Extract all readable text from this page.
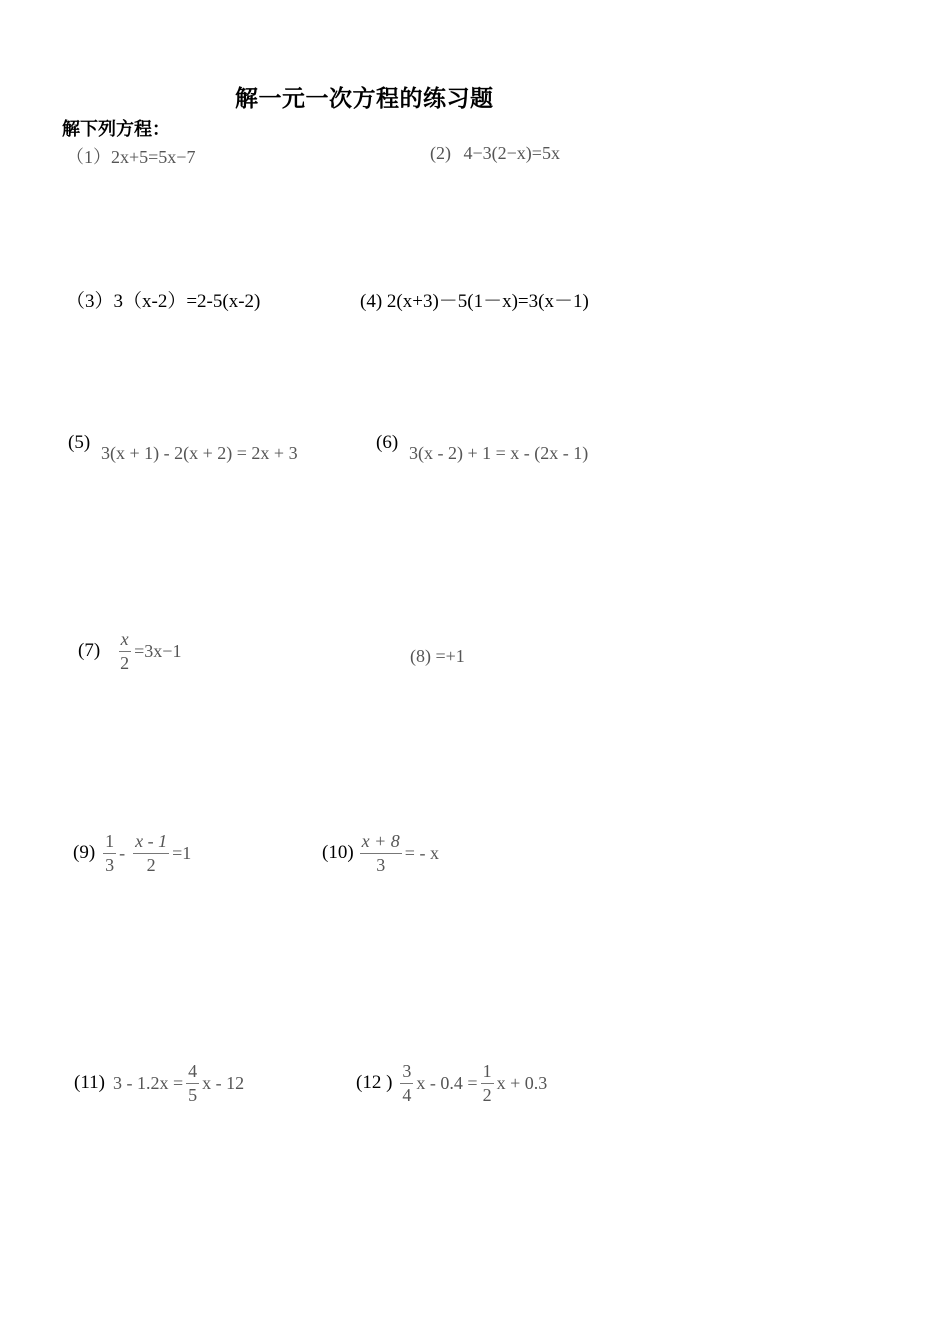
解一元一次方程的练习题
解下列方程：
（1）2x+5=5x−7	(2) 4−3(2−x)=5x
（3）3（x-2）=2-5(x-2)	(4) 2(x+3)－5(1－x)=3(x－1)
(5) 3(x + 1) - 2(x + 2) = 2x + 3	(6) 3(x - 2) + 1 = x - (2x - 1)
$(7) \frac{x}{2} =3x-1$	(8) =+1
$(9) \frac{1}{3} - \frac{x - 1}{2} =1$	$(10) \frac{x + 8}{3}$ = - x
(11) $3 - 1.2x = \frac{4}{5}$ x - 12	(12 ) $\frac{3}{4}$ $x - 0.4 = \frac{1}{2}$ x + 0.3
